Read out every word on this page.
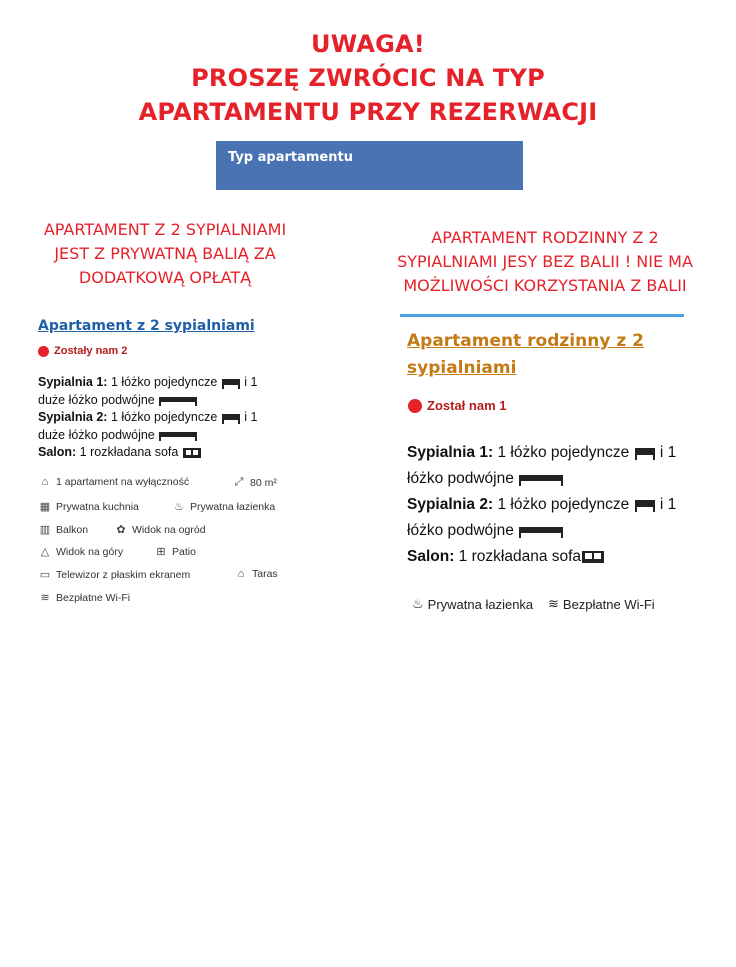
UWAGA!
PROSZĘ ZWRÓCIC NA TYP
APARTAMENTU PRZY REZERWACJI
Typ apartamentu
APARTAMENT Z 2 SYPIALNIAMI
JEST Z PRYWATNĄ BALIĄ ZA
DODATKOWĄ OPŁATĄ
APARTAMENT RODZINNY Z 2
SYPIALNIAMI JESY BEZ BALII ! NIE MA
MOŻLIWOŚCI KORZYSTANIA Z BALII
Apartament z 2 sypialniami
Zostały nam 2
Sypialnia 1: 1 łóżko pojedyncze  i 1
duże łóżko podwójne
Sypialnia 2: 1 łóżko pojedyncze  i 1
duże łóżko podwójne
Salon: 1 rozkładana sofa
⌂ 1 apartament na wyłączność	⤢ 80 m²
▦ Prywatna kuchnia	♨ Prywatna łazienka
▥ Balkon	✿ Widok na ogród
△ Widok na góry	⊞ Patio
▭ Telewizor z płaskim ekranem	⌂ Taras
≋ Bezpłatne Wi-Fi
Apartament rodzinny z 2 sypialniami
Został nam 1
Sypialnia 1: 1 łóżko pojedyncze  i 1
łóżko podwójne
Sypialnia 2: 1 łóżko pojedyncze  i 1
łóżko podwójne
Salon: 1 rozkładana sofa
♨ Prywatna łazienka ≋ Bezpłatne Wi-Fi
